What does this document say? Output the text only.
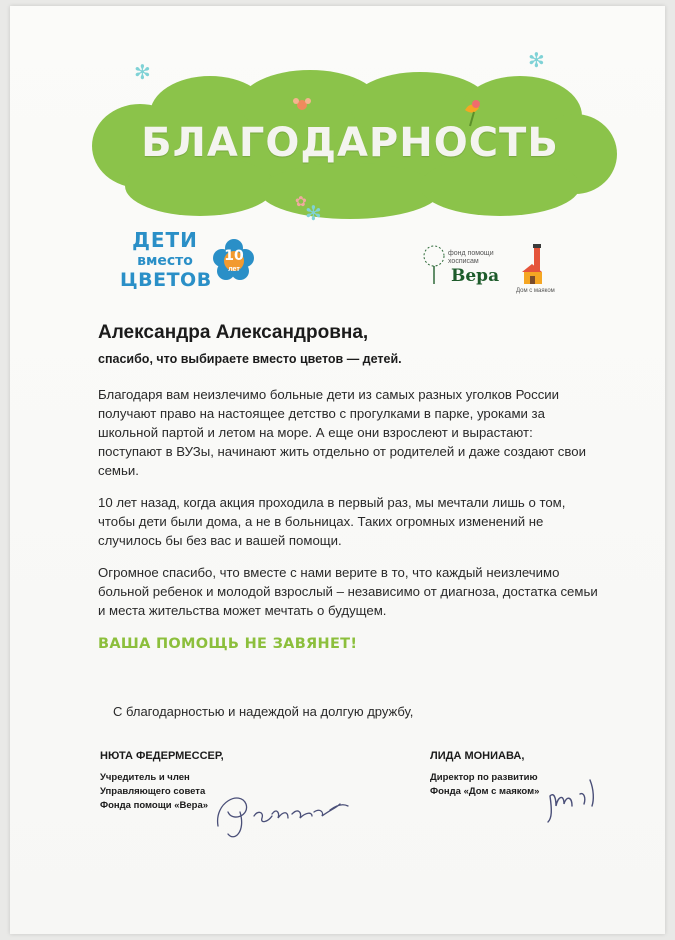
БЛАГОДАРНОСТЬ
✻	✻
✿
✻
ДЕТИ
вместо
ЦВЕТОВ
10
лет
фонд помощи хосписам
Вера
Дом с маяком
Александра Александровна,
спасибо, что выбираете вместо цветов — детей.
Благодаря вам неизлечимо больные дети из самых разных уголков России получают право на настоящее детство с прогулками в парке, уроками за школьной партой и летом на море. А еще они взрослеют и вырастают: поступают в ВУЗы, начинают жить отдельно от родителей и даже создают свои семьи.
10 лет назад, когда акция проходила в первый раз, мы мечтали лишь о том, чтобы дети были дома, а не в больницах. Таких огромных изменений не случилось бы без вас и вашей помощи.
Огромное спасибо, что вместе с нами верите в то, что каждый неизлечимо больной ребенок и молодой взрослый – независимо от диагноза, достатка семьи и места жительства может мечтать о будущем.
ВАША ПОМОЩЬ НЕ ЗАВЯНЕТ!
С благодарностью и надеждой на долгую дружбу,
НЮТА ФЕДЕРМЕССЕР,
Учредитель и член
Управляющего совета
Фонда помощи «Вера»
ЛИДА МОНИАВА,
Директор по развитию
Фонда «Дом с маяком»
